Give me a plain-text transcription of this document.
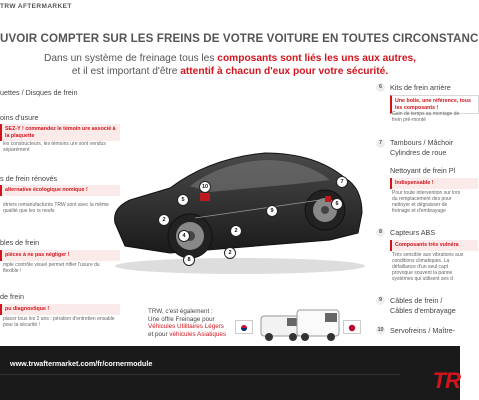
TRW AFTERMARKET
UVOIR COMPTER SUR LES FREINS DE VOTRE VOITURE EN TOUTES CIRCONSTANC
Dans un système de freinage tous les composants sont liés les uns aux autres,
et il est important d'être attentif à chacun d'eux pour votre sécurité.
uettes / Disques de frein
oins d'usure
SEZ-Y ! commandez le témoin ure associé à la plaquette
les constructeurs, les témoins ure sont vendus séparément
s de frein rénovés
alternative écologique nomique !
étriers remanufacturés TRW sont avec la même qualité que les rs neufs
bles de frein
pièces à ne pas négliger !
mple contrôle visuel permet rtifier l'usure du flexible !
de frein
pu diagnostique !
placer tous les 2 ans : pération d'entretien ensable pour la sécurité !
10
5
2
4
2
8
2
9
7
6
6	Kits de frein arrière
Une boite, une référence, tous les composants !
Gain de temps au montage de frein pré-monté
7	Tambours / Mâchoir
Cylindres de roue
Nettoyant de frein Pl
Indispensable !
Pour toute intervention sur lors du remplacement des pour nettoyer et dégraisser de freinage et d'embrayage
8	Capteurs ABS
Composants très vulnéra
Très sensible aux vibrations aux conditions climatiques. La défaillance d'un seul capt provoque souvent la panne systèmes qui utilisent ses d
9	Câbles de frein /
Câbles d'embrayage
10 Servofreins / Maître-
TRW, c'est également :
Une offre Freinage pour
Véhicules Utilitaires Légers
et pour véhicules Asiatiques
www.trwaftermarket.com/fr/cornermodule
TR
